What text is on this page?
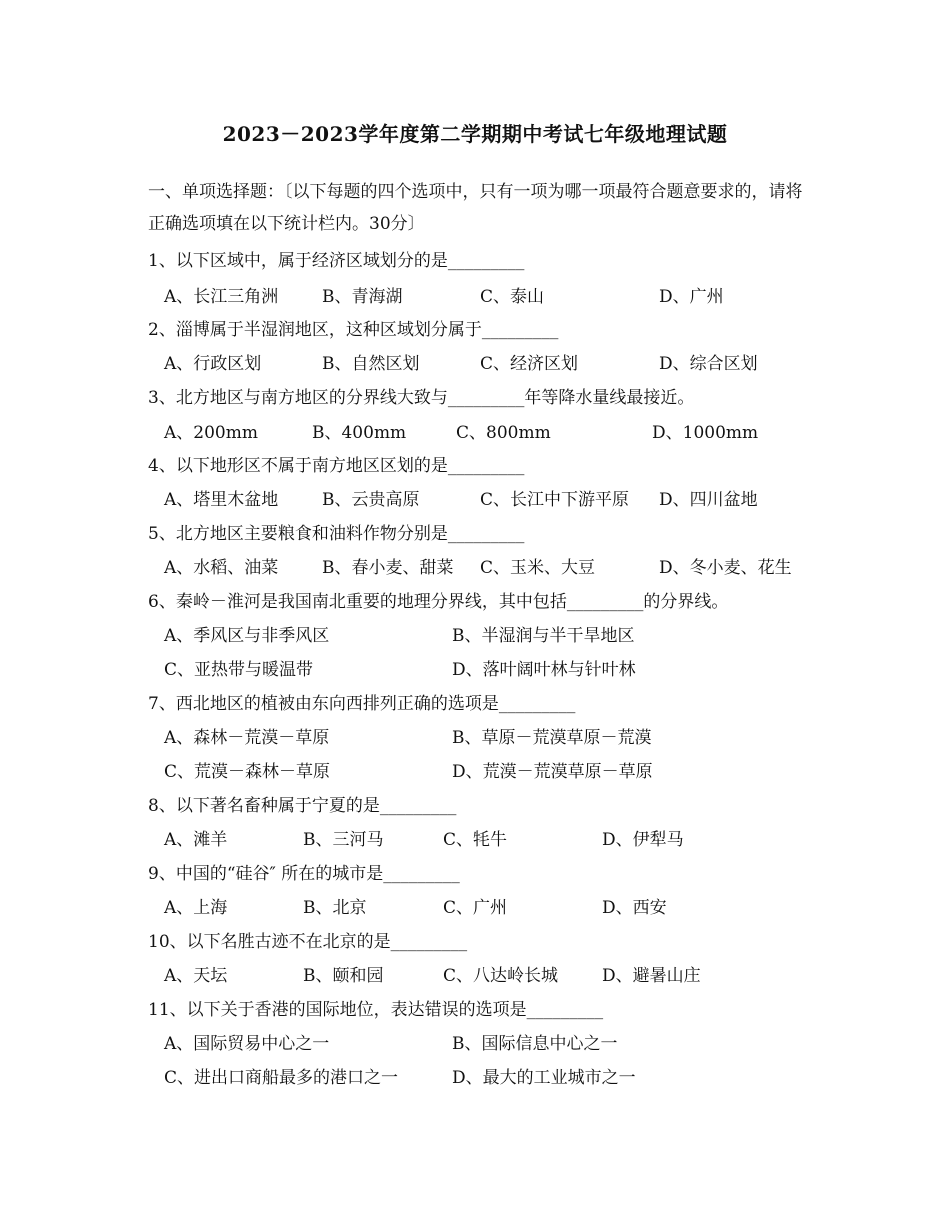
2023－2023学年度第二学期期中考试七年级地理试题
一、单项选择题：〔以下每题的四个选项中，只有一项为哪一项最符合题意要求的，请将正确选项填在以下统计栏内。30分〕
1、以下区域中，属于经济区域划分的是_________
A、长江三角洲	B、青海湖	C、泰山	D、广州
2、淄博属于半湿润地区，这种区域划分属于_________
A、行政区划	B、自然区划	C、经济区划	D、综合区划
3、北方地区与南方地区的分界线大致与_________年等降水量线最接近。
A、200mm	B、400mm	C、800mm	D、1000mm
4、以下地形区不属于南方地区区划的是_________
A、塔里木盆地	B、云贵高原	C、长江中下游平原 D、四川盆地
5、北方地区主要粮食和油料作物分别是_________
A、水稻、油菜	B、春小麦、甜菜 C、玉米、大豆	D、冬小麦、花生
6、秦岭－淮河是我国南北重要的地理分界线，其中包括_________的分界线。
A、季风区与非季风区	B、半湿润与半干旱地区
C、亚热带与暖温带	D、落叶阔叶林与针叶林
7、西北地区的植被由东向西排列正确的选项是_________
A、森林－荒漠－草原	B、草原－荒漠草原－荒漠
C、荒漠－森林－草原	D、荒漠－荒漠草原－草原
8、以下著名畜种属于宁夏的是_________
A、滩羊	B、三河马	C、牦牛	D、伊犁马
9、中国的“硅谷″ 所在的城市是_________
A、上海	B、北京	C、广州	D、西安
10、以下名胜古迹不在北京的是_________
A、天坛	B、颐和园	C、八达岭长城	D、避暑山庄
11、以下关于香港的国际地位，表达错误的选项是_________
A、国际贸易中心之一	B、国际信息中心之一
C、进出口商船最多的港口之一	D、最大的工业城市之一
